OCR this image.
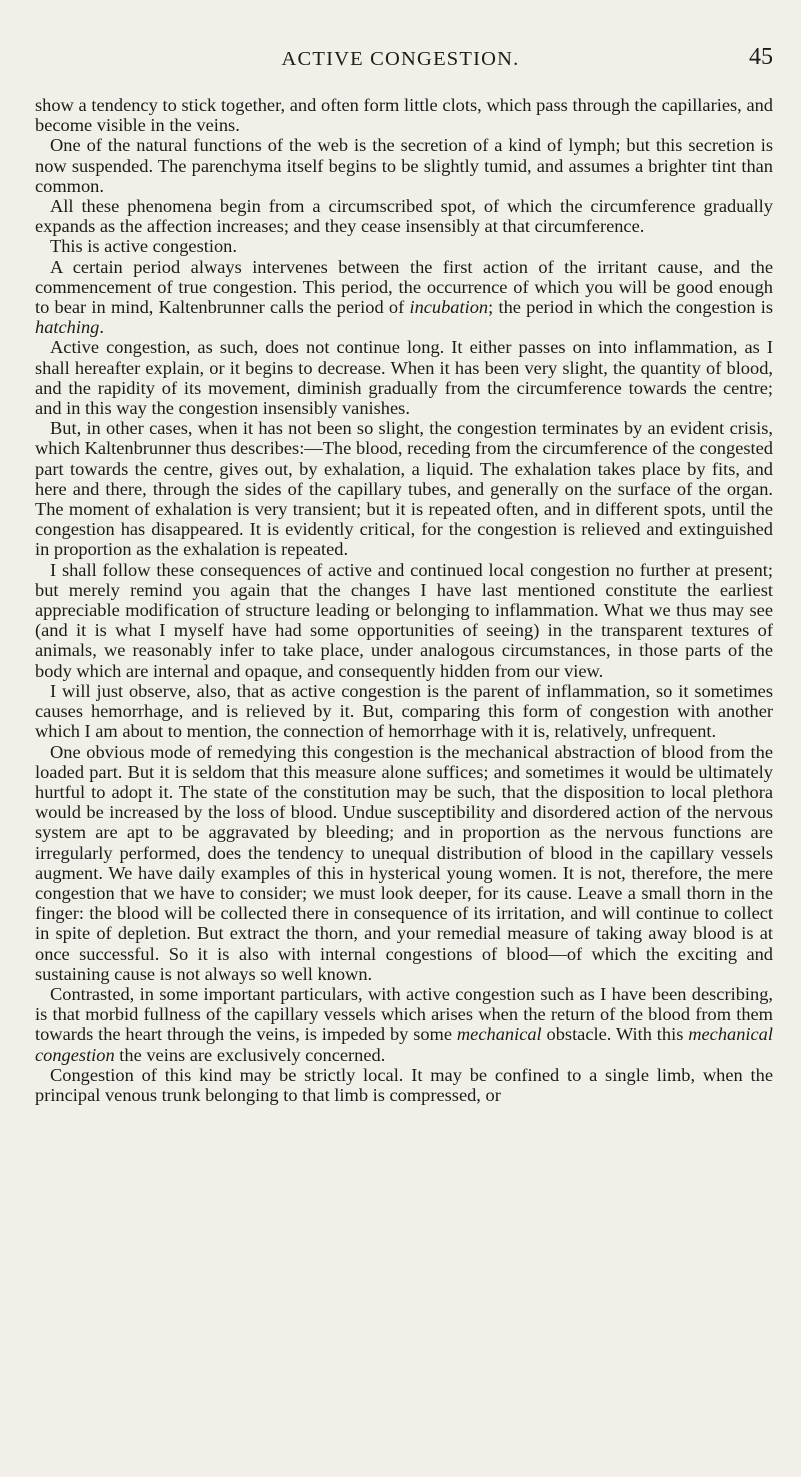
ACTIVE CONGESTION.	45

show a tendency to stick together, and often form little clots, which pass through the capillaries, and become visible in the veins.

One of the natural functions of the web is the secretion of a kind of lymph; but this secretion is now suspended. The parenchyma itself begins to be slightly tumid, and assumes a brighter tint than common.

All these phenomena begin from a circumscribed spot, of which the circumference gradually expands as the affection increases; and they cease insensibly at that circumference.

This is active congestion.

A certain period always intervenes between the first action of the irritant cause, and the commencement of true congestion. This period, the occurrence of which you will be good enough to bear in mind, Kaltenbrunner calls the period of incubation; the period in which the congestion is hatching.

Active congestion, as such, does not continue long. It either passes on into inflammation, as I shall hereafter explain, or it begins to decrease. When it has been very slight, the quantity of blood, and the rapidity of its movement, diminish gradually from the circumference towards the centre; and in this way the congestion insensibly vanishes.

But, in other cases, when it has not been so slight, the congestion terminates by an evident crisis, which Kaltenbrunner thus describes:—The blood, receding from the circumference of the congested part towards the centre, gives out, by exhalation, a liquid. The exhalation takes place by fits, and here and there, through the sides of the capillary tubes, and generally on the surface of the organ. The moment of exhalation is very transient; but it is repeated often, and in different spots, until the congestion has disappeared. It is evidently critical, for the congestion is relieved and extinguished in proportion as the exhalation is repeated.

I shall follow these consequences of active and continued local congestion no further at present; but merely remind you again that the changes I have last mentioned constitute the earliest appreciable modification of structure leading or belonging to inflammation. What we thus may see (and it is what I myself have had some opportunities of seeing) in the transparent textures of animals, we reasonably infer to take place, under analogous circumstances, in those parts of the body which are internal and opaque, and consequently hidden from our view.

I will just observe, also, that as active congestion is the parent of inflammation, so it sometimes causes hemorrhage, and is relieved by it. But, comparing this form of congestion with another which I am about to mention, the connection of hemorrhage with it is, relatively, unfrequent.

One obvious mode of remedying this congestion is the mechanical abstraction of blood from the loaded part. But it is seldom that this measure alone suffices; and sometimes it would be ultimately hurtful to adopt it. The state of the constitution may be such, that the disposition to local plethora would be increased by the loss of blood. Undue susceptibility and disordered action of the nervous system are apt to be aggravated by bleeding; and in proportion as the nervous functions are irregularly performed, does the tendency to unequal distribution of blood in the capillary vessels augment. We have daily examples of this in hysterical young women. It is not, therefore, the mere congestion that we have to consider; we must look deeper, for its cause. Leave a small thorn in the finger: the blood will be collected there in consequence of its irritation, and will continue to collect in spite of depletion. But extract the thorn, and your remedial measure of taking away blood is at once successful. So it is also with internal congestions of blood—of which the exciting and sustaining cause is not always so well known.

Contrasted, in some important particulars, with active congestion such as I have been describing, is that morbid fullness of the capillary vessels which arises when the return of the blood from them towards the heart through the veins, is impeded by some mechanical obstacle. With this mechanical congestion the veins are exclusively concerned.

Congestion of this kind may be strictly local. It may be confined to a single limb, when the principal venous trunk belonging to that limb is compressed, or
